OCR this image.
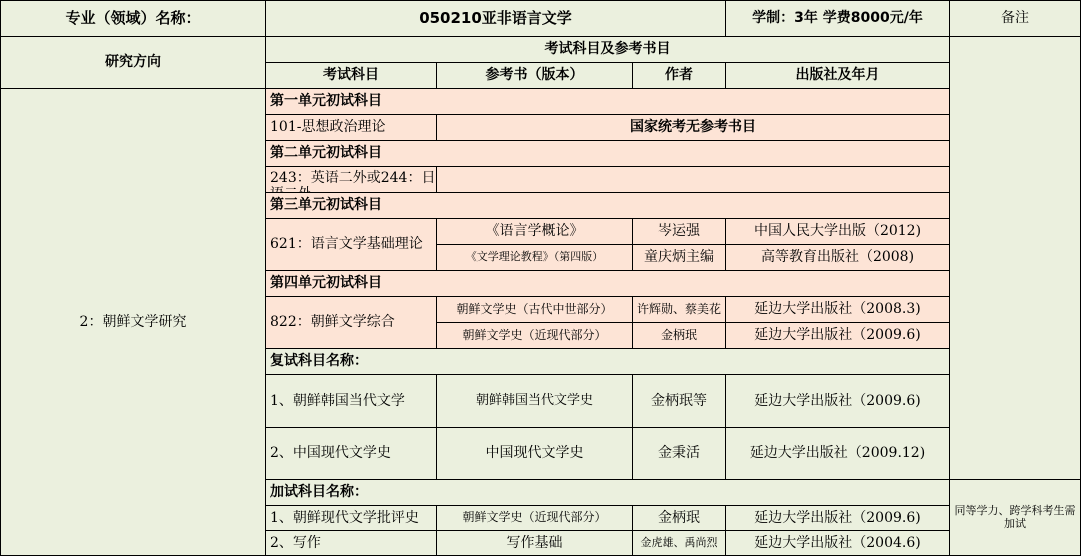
专业（领域）名称：	050210亚非语言文学	学制：3年 学费8000元/年	备注
研究方向
考试科目及参考书目
考试科目	参考书（版本）	作者	出版社及年月
2：朝鲜文学研究
第一单元初试科目
101-思想政治理论	国家统考无参考书目
第二单元初试科目
243：英语二外或244：日
第三单元初试科目
621：语言文学基础理论
《语言学概论》	岑运强	中国人民大学出版（2012)
《文学理论教程》（第四版）	童庆炳主编	高等教育出版社（2008)
第四单元初试科目
822：朝鲜文学综合
朝鲜文学史（古代中世部分）	许辉勋、蔡美花	延边大学出版社（2008.3)
朝鲜文学史（近现代部分）	金柄珉	延边大学出版社（2009.6)
复试科目名称：
1、朝鲜韩国当代文学	朝鲜韩国当代文学史	金柄珉等	延边大学出版社（2009.6)
2、中国现代文学史	中国现代文学史	金秉活	延边大学出版社（2009.12)
加试科目名称：
同等学力、跨学科考生需加试
1、朝鲜现代文学批评史	朝鲜文学史（近现代部分）	金柄珉	延边大学出版社（2009.6)
2、写作	写作基础	金虎雄、禹尚烈	延边大学出版社（2004.6)
